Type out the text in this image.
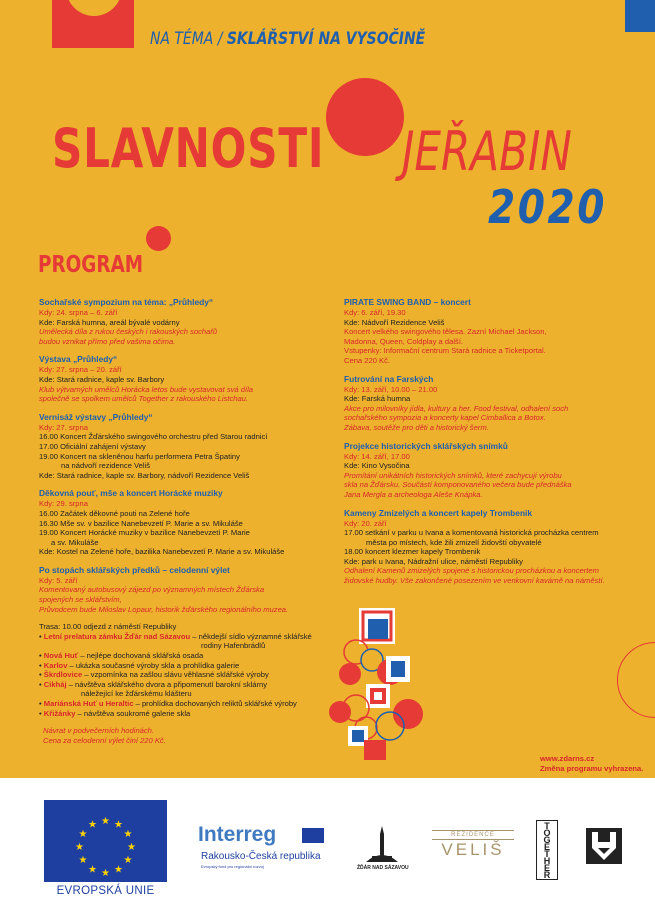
NA TÉMA / SKLÁŘSTVÍ NA VYSOČINĚ
SLAVNOSTI JEŘABIN
2020
PROGRAM
Sochařské sympozium na téma: „Průhledy“
Kdy: 24. srpna – 6. září
Kde: Farská humna, areál bývalé vodárny
Umělecká díla z rukou českých i rakouských sochařů
budou vznikat přímo před vašima očima.
Výstava „Průhledy“
Kdy: 27. srpna – 20. září
Kde: Stará radnice, kaple sv. Barbory
Klub výtvarných umělců Horácka letos bude vystavovat svá díla
společně se spolkem umělců Together z rakouského Listchau.
Vernisáž výstavy „Průhledy“
Kdy: 27. srpna
16.00 Koncert Žďárského swingového orchestru před Starou radnicí
17.00 Oficiální zahájení výstavy
19.00 Koncert na skleněnou harfu performera Petra Špatiny
na nádvoří rezidence Veliš
Kde: Stará radnice, kaple sv. Barbory, nádvoří Rezidence Veliš
Děkovná pouť, mše a koncert Horácké muziky
Kdy: 29. srpna
16.00 Začátek děkovné pouti na Zelené hoře
16.30 Mše sv. v bazilice Nanebevzetí P. Marie a sv. Mikuláše
19.00 Koncert Horácké muziky v bazilice Nanebevzetí P. Marie
a sv. Mikuláše
Kde: Kostel na Zelené hoře, bazilika Nanebevzetí P. Marie a sv. Mikuláše
Po stopách sklářských předků – celodenní výlet
Kdy: 5. září
Komentovaný autobusový zájezd po významných místech Žďárska
spojených se sklářstvím,
Průvodcem bude Miloslav Lopaur, historik žďárského regionálního muzea.
Trasa: 10.00 odjezd z náměstí Republiky
• Letní prelatura zámku Žďár nad Sázavou – někdejší sídlo významné sklářské
rodiny Hafenbrádlů
• Nová Huť – nejlépe dochovaná sklářská osada
• Karlov – ukázka současné výroby skla a prohlídka galerie
• Škrdlovice – vzpomínka na zašlou slávu věhlasné sklářské výroby
• Cikháj – návštěva sklářského dvora a připomenutí barokní sklárny
náležející ke žďárskému klášteru
• Mariánská Huť u Heraltic – prohlídka dochovaných reliktů sklářské výroby
• Křižánky – návštěva soukromé galerie skla
Návrat v podvečerních hodinách.
Cena za celodenní výlet činí 220 Kč.
PIRATE SWING BAND – koncert
Kdy: 6. září, 19.30
Kde: Nádvoří Rezidence Veliš
Koncert velkého swingového tělesa. Zazní Michael Jackson,
Madonna, Queen, Coldplay a další.
Vstupenky: Informační centrum Stará radnice a Ticketportal.
Cena 220 Kč.
Futrování na Farských
Kdy: 13. září, 10.00 – 21.00
Kde: Farská humna
Akce pro milovníky jídla, kultury a her. Food festival, odhalení soch
sochařského sympozia a koncerty kapel Cimballica a Botox.
Zábava, soutěže pro děti a historický šerm.
Projekce historických sklářských snímků
Kdy: 14. září, 17.00
Kde: Kino Vysočina
Promítání unikátních historických snímků, které zachycují výrobu
skla na Žďársku. Součástí komponovaného večera bude přednáška
Jana Mergla a archeologa Aleše Knápka.
Kameny Zmizelých a koncert kapely Trombenik
Kdy: 20. září
17.00 setkání v parku u Ivana a komentovaná historická procházka centrem
města po místech, kde žili zmizelí židovští obyvatelé
18.00 koncert klezmer kapely Trombenik
Kde: park u Ivana, Nádražní ulice, náměstí Republiky
Odhalení Kamenů zmizelých spojené s historickou procházkou a koncertem
židovské hudby. Vše zakončené posezením ve venkovní kavárně na náměstí.
www.zdarns.cz
Změna programu vyhrazena.
★ ★
★
★
★
★
★
★
★
★
★
★
EVROPSKÁ UNIE
Interreg
Rakousko-Česká republika
Evropský fond pro regionální rozvoj	ŽĎÁR NAD SÁZAVOU
REZIDENCE
VELIŠ
TOGETHER
